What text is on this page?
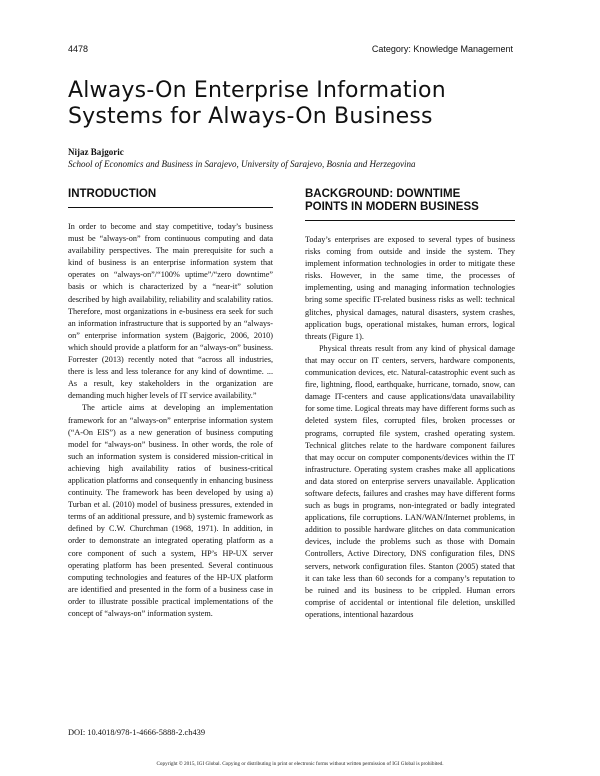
4478	Category: Knowledge Management
Always-On Enterprise Information
Systems for Always-On Business
Nijaz Bajgoric
School of Economics and Business in Sarajevo, University of Sarajevo, Bosnia and Herzegovina
INTRODUCTION

In order to become and stay competitive, today’s business must be “always-on” from continuous computing and data availability perspectives. The main prerequisite for such a kind of business is an enterprise information system that operates on “always-on”/“100% uptime”/“zero downtime” basis or which is characterized by a “near-it” solution described by high availability, reliability and scalability ratios. Therefore, most organizations in e-business era seek for such an information infrastructure that is supported by an “always-on” enterprise information system (Bajgoric, 2006, 2010) which should provide a platform for an “always-on” business. Forrester (2013) recently noted that “across all industries, there is less and less tolerance for any kind of downtime. ... As a result, key stakeholders in the organization are demanding much higher levels of IT service availability.”

The article aims at developing an implementation framework for an “always-on” enterprise information system (“A-On EIS”) as a new generation of business computing model for “always-on” business. In other words, the role of such an information system is considered mission-critical in achieving high availability ratios of business-critical application platforms and consequently in enhancing business continuity. The framework has been developed by using a) Turban et al. (2010) model of business pressures, extended in terms of an additional pressure, and b) systemic framework as defined by C.W. Churchman (1968, 1971). In addition, in order to demonstrate an integrated operating platform as a core component of such a system, HP’s HP-UX server operating platform has been presented. Several continuous computing technologies and features of the HP-UX platform are identified and presented in the form of a business case in order to illustrate possible practical implementations of the concept of “always-on” information system.

BACKGROUND: DOWNTIME
POINTS IN MODERN BUSINESS

Today’s enterprises are exposed to several types of business risks coming from outside and inside the system. They implement information technologies in order to mitigate these risks. However, in the same time, the processes of implementing, using and managing information technologies bring some specific IT-related business risks as well: technical glitches, physical damages, natural disasters, system crashes, application bugs, operational mistakes, human errors, logical threats (Figure 1).

Physical threats result from any kind of physical damage that may occur on IT centers, servers, hardware components, communication devices, etc. Natural-catastrophic event such as fire, lightning, flood, earthquake, hurricane, tornado, snow, can damage IT-centers and cause applications/data unavailability for some time. Logical threats may have different forms such as deleted system files, corrupted files, broken processes or programs, corrupted file system, crashed operating system. Technical glitches relate to the hardware component failures that may occur on computer components/devices within the IT infrastructure. Operating system crashes make all applications and data stored on enterprise servers unavailable. Application software defects, failures and crashes may have different forms such as bugs in programs, non-integrated or badly integrated applications, file corruptions. LAN/WAN/Internet problems, in addition to possible hardware glitches on data communication devices, include the problems such as those with Domain Controllers, Active Directory, DNS configuration files, DNS servers, network configuration files. Stanton (2005) stated that it can take less than 60 seconds for a company’s reputation to be ruined and its business to be crippled. Human errors comprise of accidental or intentional file deletion, unskilled operations, intentional hazardous

DOI: 10.4018/978-1-4666-5888-2.ch439
Copyright © 2015, IGI Global. Copying or distributing in print or electronic forms without written permission of IGI Global is prohibited.
